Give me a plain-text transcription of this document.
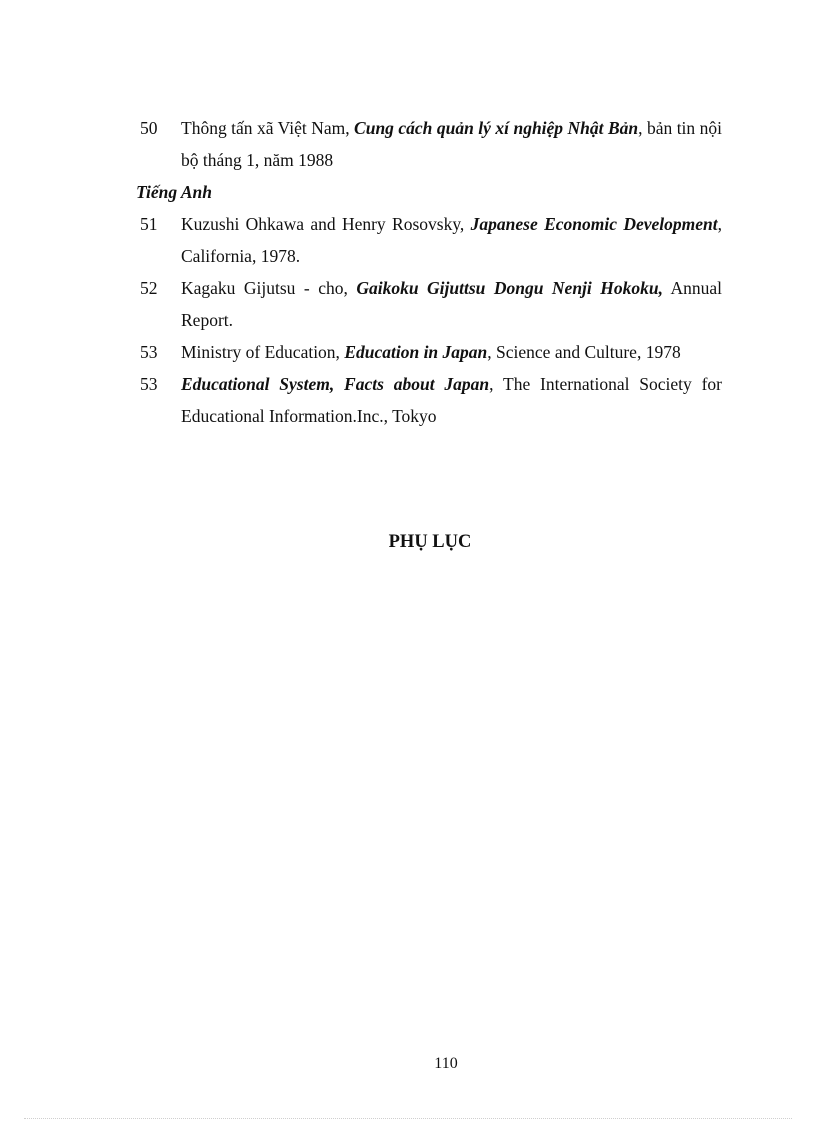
50	Thông tấn xã Việt Nam, Cung cách quản lý xí nghiệp Nhật Bản, bản tin nội bộ tháng 1, năm 1988
Tiếng Anh
51	Kuzushi Ohkawa and Henry Rosovsky, Japanese Economic Development, California, 1978.
52	Kagaku Gijutsu - cho, Gaikoku Gijuttsu Dongu Nenji Hokoku, Annual Report.
53	Ministry of Education, Education in Japan, Science and Culture, 1978
53	Educational System, Facts about Japan, The International Society for Educational Information.Inc., Tokyo
PHỤ LỤC
110
